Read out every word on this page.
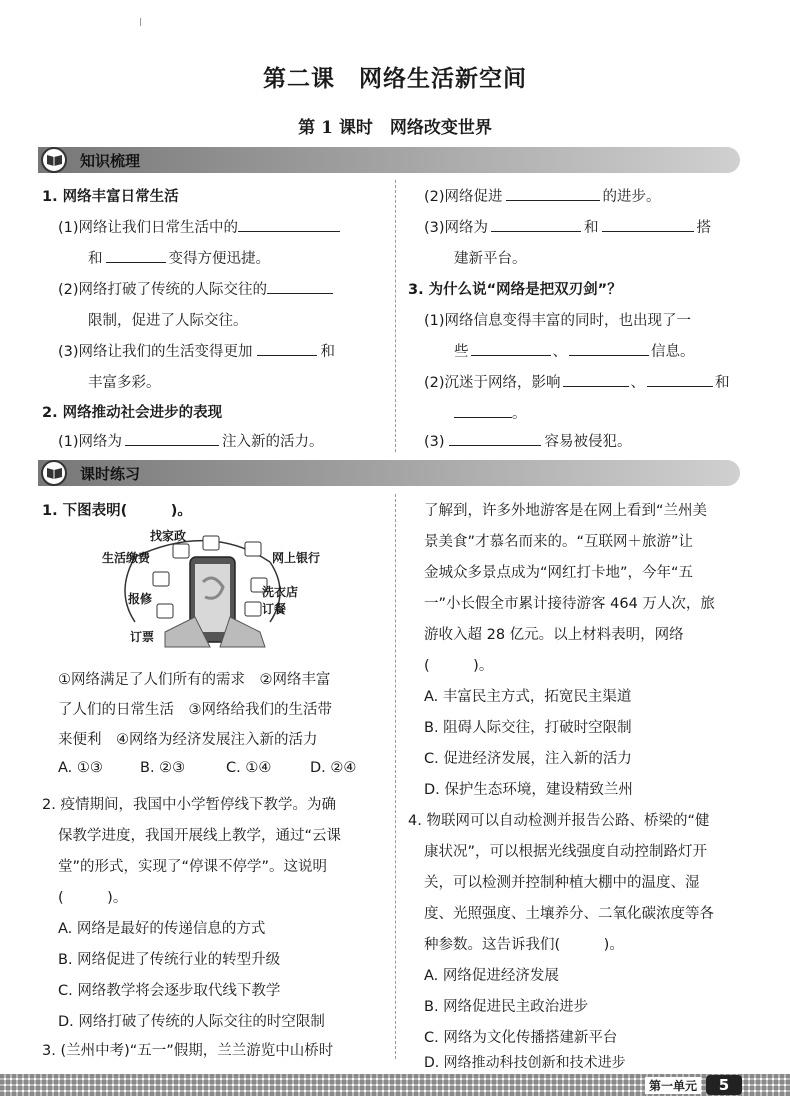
第二课　网络生活新空间
第 1 课时　网络改变世界
知识梳理
1. 网络丰富日常生活
(1)网络让我们日常生活中的
和	变得方便迅捷。
(2)网络打破了传统的人际交往的
限制，促进了人际交往。
(3)网络让我们的生活变得更加	和
丰富多彩。
2. 网络推动社会进步的表现
(1)网络为	注入新的活力。
(2)网络促进	的进步。
(3)网络为	和	搭
建新平台。
3. 为什么说“网络是把双刃剑”？
(1)网络信息变得丰富的同时，也出现了一
些	、	信息。
(2)沉迷于网络，影响	、	和
。
(3)	容易被侵犯。
课时练习
1. 下图表明(　　　)。
找家政
生活缴费	网上银行
洗衣店
报修
订餐
订票
①网络满足了人们所有的需求　②网络丰富
了人们的日常生活　③网络给我们的生活带
来便利　④网络为经济发展注入新的活力
A. ①③	B. ②③	C. ①④	D. ②④
2. 疫情期间，我国中小学暂停线下教学。为确
保教学进度，我国开展线上教学，通过“云课
堂”的形式，实现了“停课不停学”。这说明
(　　　)。
A. 网络是最好的传递信息的方式
B. 网络促进了传统行业的转型升级
C. 网络教学将会逐步取代线下教学
D. 网络打破了传统的人际交往的时空限制
3. (兰州中考)“五一”假期，兰兰游览中山桥时
了解到，许多外地游客是在网上看到“兰州美
景美食”才慕名而来的。“互联网＋旅游”让
金城众多景点成为“网红打卡地”，今年“五
一”小长假全市累计接待游客 464 万人次，旅
游收入超 28 亿元。以上材料表明，网络
(　　　)。
A. 丰富民主方式，拓宽民主渠道
B. 阻碍人际交往，打破时空限制
C. 促进经济发展，注入新的活力
D. 保护生态环境，建设精致兰州
4. 物联网可以自动检测并报告公路、桥梁的“健
康状况”，可以根据光线强度自动控制路灯开
关，可以检测并控制种植大棚中的温度、湿
度、光照强度、土壤养分、二氧化碳浓度等各
种参数。这告诉我们(　　　)。
A. 网络促进经济发展
B. 网络促进民主政治进步
C. 网络为文化传播搭建新平台
D. 网络推动科技创新和技术进步
第一单元	5
